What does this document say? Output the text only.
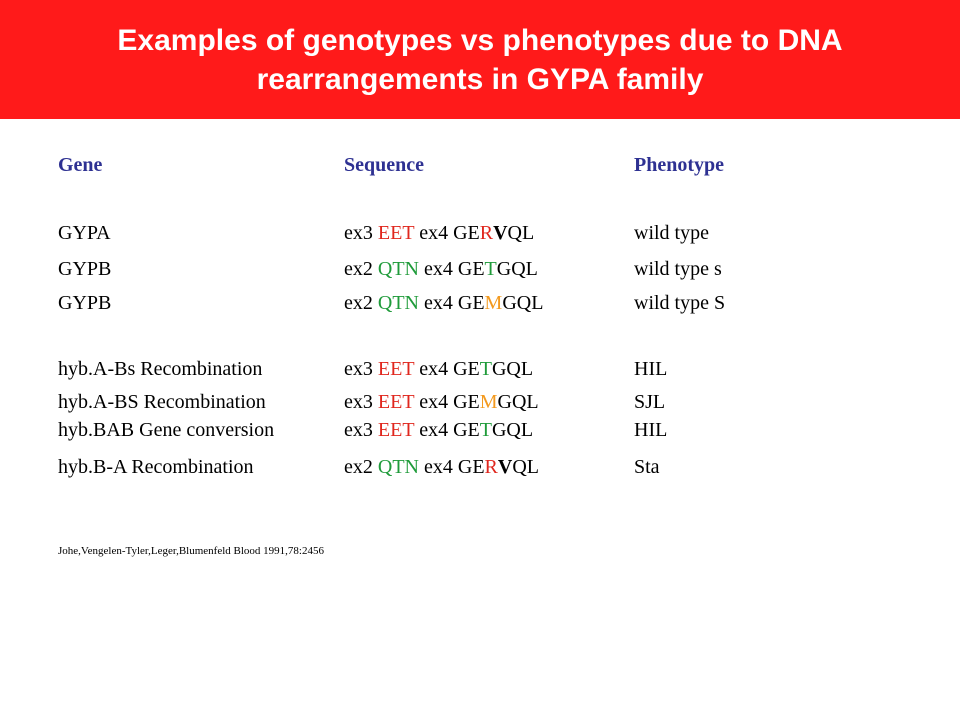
Examples of genotypes vs phenotypes due to DNA rearrangements in GYPA family
Gene	Sequence	Phenotype
GYPA	ex3 EET ex4 GERVQL	wild type
GYPB	ex2 QTN ex4 GETGQL	wild type s
GYPB	ex2 QTN ex4 GEMGQL	wild type S
hyb.A-Bs Recombination	ex3 EET ex4 GETGQL	HIL
hyb.A-BS Recombination	ex3 EET ex4 GEMGQL	SJL
hyb.BAB Gene conversion	ex3 EET ex4 GETGQL	HIL
hyb.B-A Recombination	ex2 QTN ex4 GERVQL	Sta
Johe,Vengelen-Tyler,Leger,Blumenfeld Blood 1991,78:2456
